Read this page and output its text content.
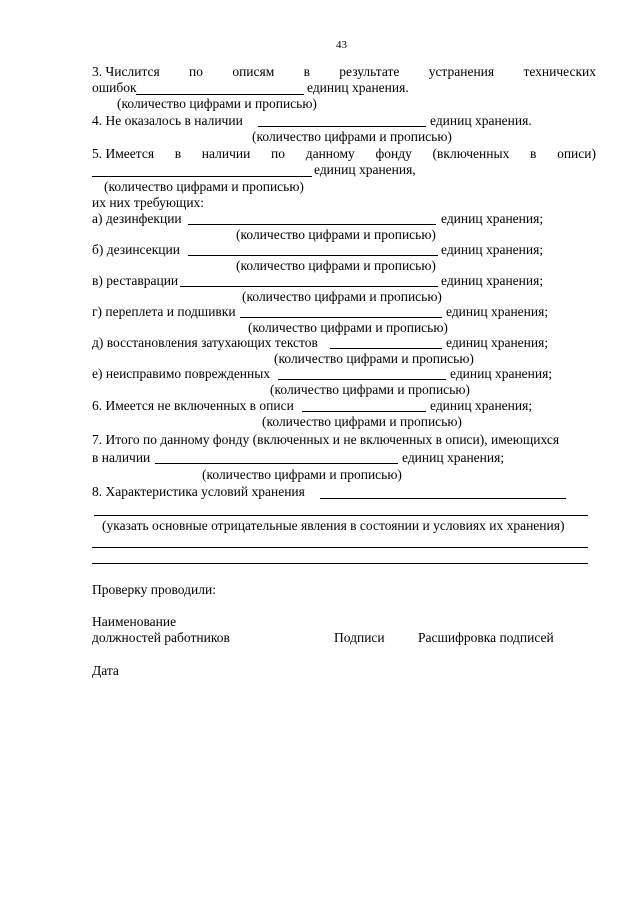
43
3. Числится по описям в результате устранения технических
ошибок	единиц хранения.
(количество цифрами и прописью)
4. Не оказалось в наличии	единиц хранения.
(количество цифрами и прописью)
5. Имеется в наличии по данному фонду (включенных в описи)
единиц хранения,
(количество цифрами и прописью)
их них требующих:
а) дезинфекции	единиц хранения;
(количество цифрами и прописью)
б) дезинсекции	единиц хранения;
(количество цифрами и прописью)
в) реставрации	единиц хранения;
(количество цифрами и прописью)
г) переплета и подшивки	единиц хранения;
(количество цифрами и прописью)
д) восстановления затухающих текстов	единиц хранения;
(количество цифрами и прописью)
е) неисправимо поврежденных	единиц хранения;
(количество цифрами и прописью)
6. Имеется не включенных в описи	единиц хранения;
(количество цифрами и прописью)
7. Итого по данному фонду (включенных и не включенных в описи), имеющихся
в наличии	единиц хранения;
(количество цифрами и прописью)
8. Характеристика условий хранения
(указать основные отрицательные явления в состоянии и условиях их хранения)
Проверку проводили:
Наименование
должностей работников	Подписи Расшифровка подписей
Дата
